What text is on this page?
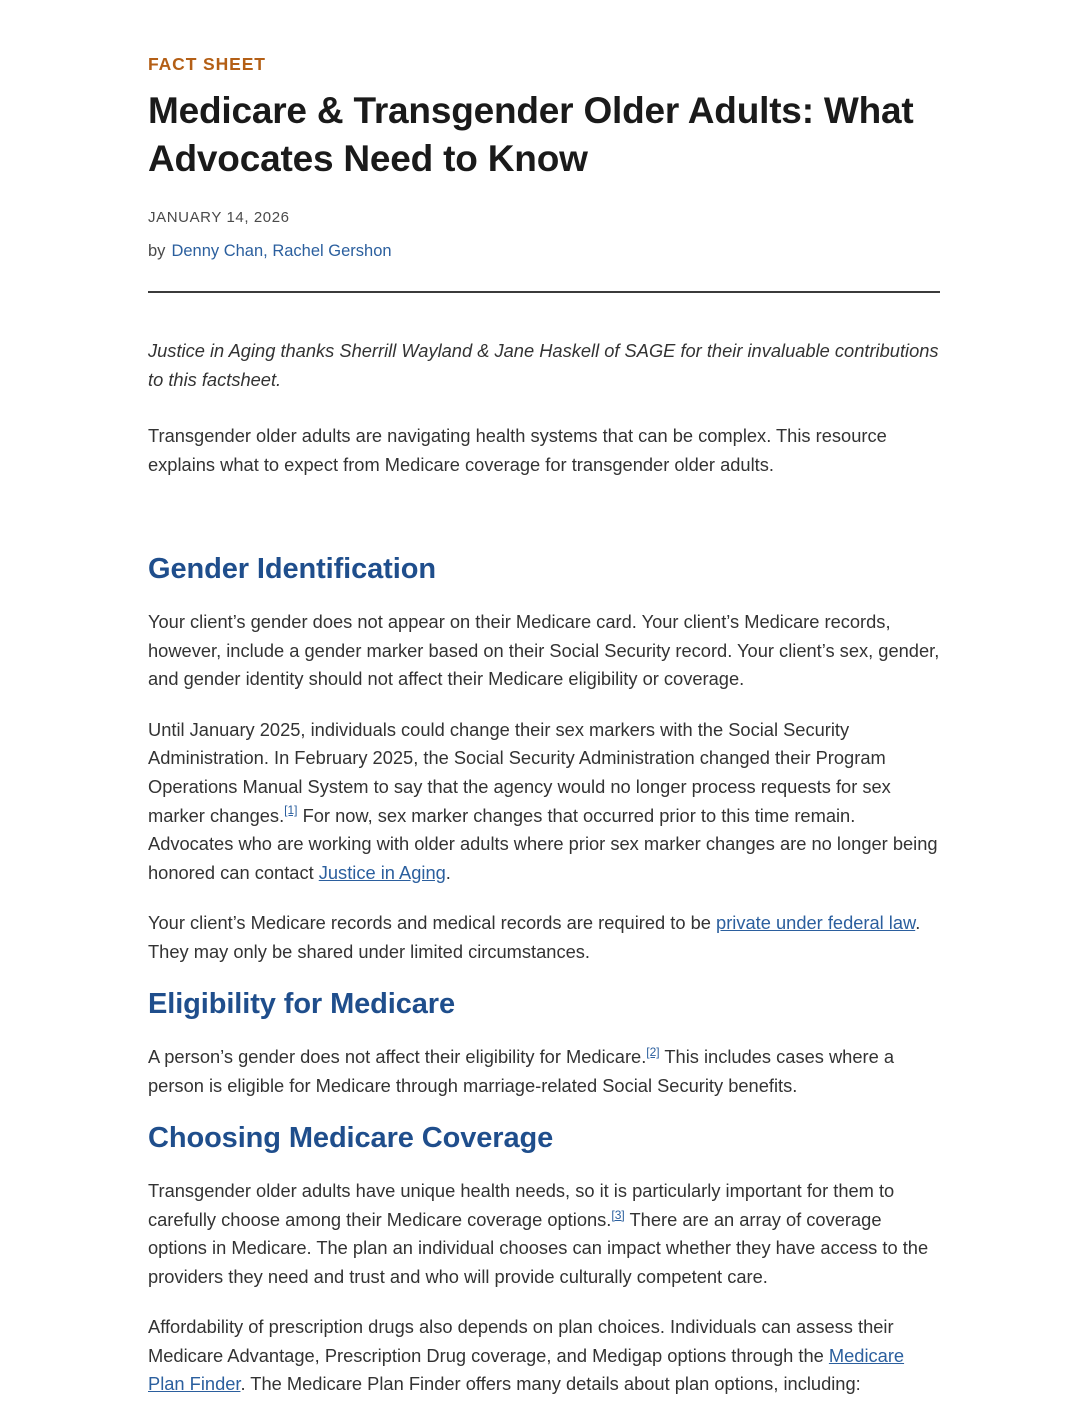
FACT SHEET
Medicare & Transgender Older Adults: What Advocates Need to Know
JANUARY 14, 2026
by Denny Chan, Rachel Gershon

Justice in Aging thanks Sherrill Wayland & Jane Haskell of SAGE for their invaluable contributions to this factsheet.

Transgender older adults are navigating health systems that can be complex. This resource explains what to expect from Medicare coverage for transgender older adults.

Gender Identification

Your client’s gender does not appear on their Medicare card. Your client’s Medicare records, however, include a gender marker based on their Social Security record. Your client’s sex, gender, and gender identity should not affect their Medicare eligibility or coverage.

Until January 2025, individuals could change their sex markers with the Social Security Administration. In February 2025, the Social Security Administration changed their Program Operations Manual System to say that the agency would no longer process requests for sex marker changes.[1] For now, sex marker changes that occurred prior to this time remain. Advocates who are working with older adults where prior sex marker changes are no longer being honored can contact Justice in Aging.

Your client’s Medicare records and medical records are required to be private under federal law. They may only be shared under limited circumstances.

Eligibility for Medicare

A person’s gender does not affect their eligibility for Medicare.[2] This includes cases where a person is eligible for Medicare through marriage-related Social Security benefits.

Choosing Medicare Coverage

Transgender older adults have unique health needs, so it is particularly important for them to carefully choose among their Medicare coverage options.[3] There are an array of coverage options in Medicare. The plan an individual chooses can impact whether they have access to the providers they need and trust and who will provide culturally competent care.

Affordability of prescription drugs also depends on plan choices. Individuals can assess their Medicare Advantage, Prescription Drug coverage, and Medigap options through the Medicare Plan Finder. The Medicare Plan Finder offers many details about plan options, including:
